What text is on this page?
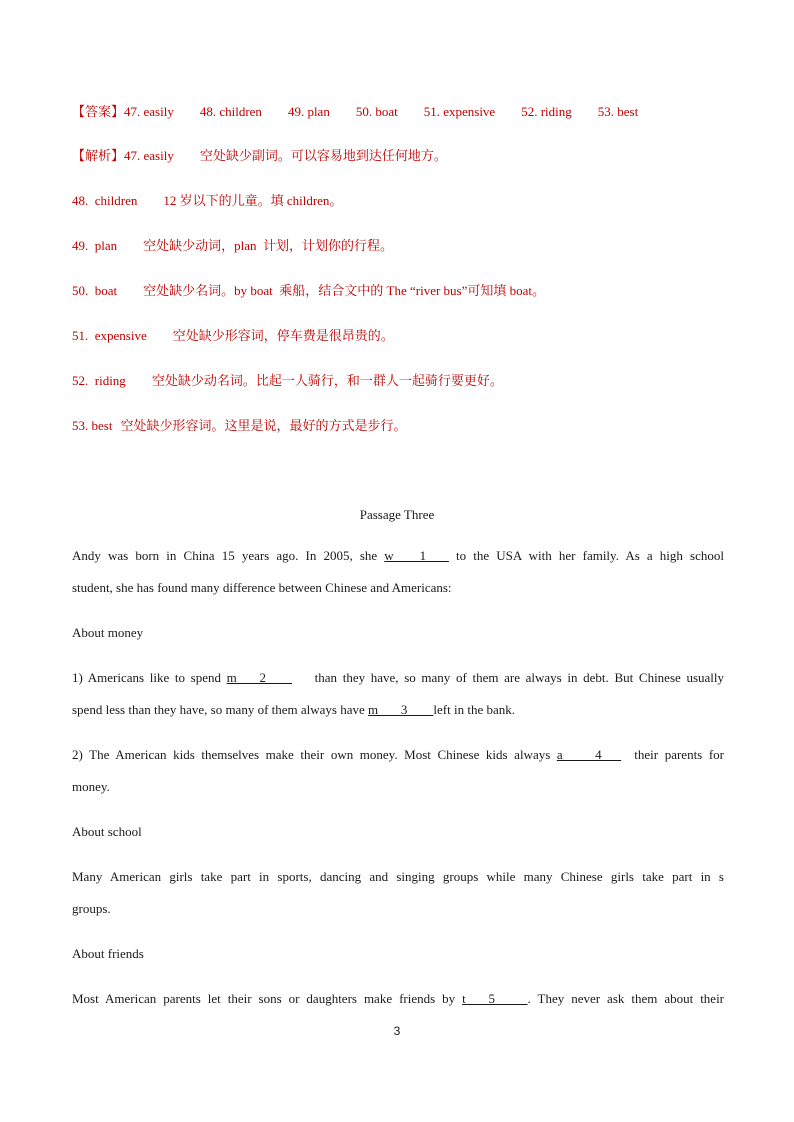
【答案】47. easily 48. children 49. plan 50. boat 51. expensive 52. riding 53. best
【解析】47. easily 空处缺少副词。可以容易地到达任何地方。
48.  children 12 岁以下的儿童。填 children。
49.  plan 空处缺少动词，plan  计划，计划你的行程。
50.  boat 空处缺少名词。by boat  乘船，结合文中的 The “river bus”可知填 boat。
51.  expensive 空处缺少形容词，停车费是很昂贵的。
52.  riding 空处缺少动名词。比起一人骑行，和一群人一起骑行要更好。
53. best 空处缺少形容词。这里是说，最好的方式是步行。
Passage Three
Andy was born in China 15 years ago. In 2005, she w        1        to the USA with her family. As a high school
student, she has found many difference between Chinese and Americans:
About money
1) Americans like to spend m       2            than they have, so many of them are always in debt. But Chinese usually
spend less than they have, so many of them always have m       3        left in the bank.
2) The American kids themselves make their own money. Most Chinese kids always a          4        their parents for
money.
About school
Many American girls take part in sports, dancing and singing groups while many Chinese girls take part in s
groups.
About friends
Most American parents let their sons or daughters make friends by t       5          . They never ask them about their
3
